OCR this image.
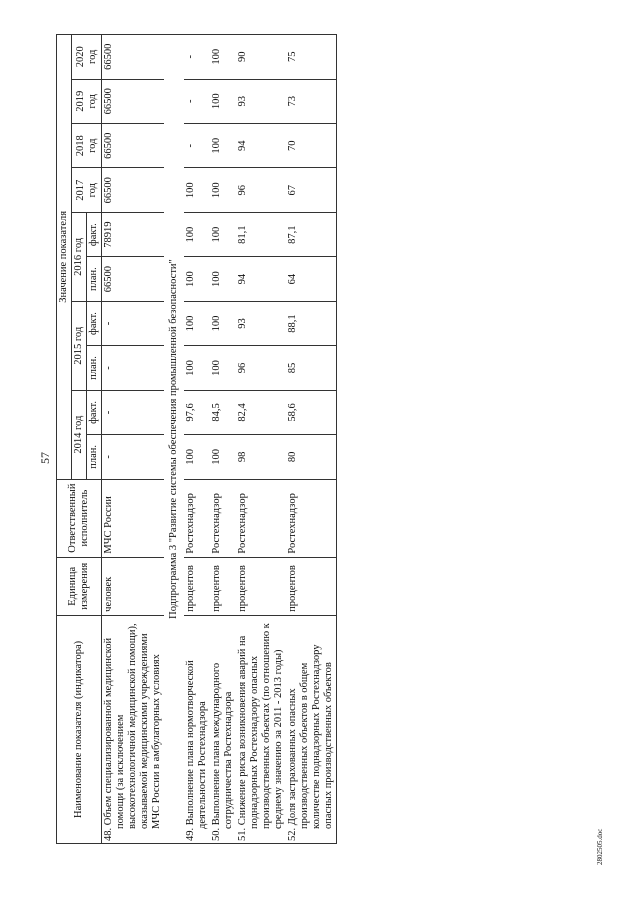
57
2802505.doc
Наименование показателя (индикатора)	Единица измерения	Ответственный исполнитель	Значение показателя									
			2014 год		2015 год		2016 год		2017 год	2018 год	2019 год	2020 год
			план.	факт.	план.	факт.	план.	факт.				
48. Объем специализированной медицинской помощи (за исключением высокотехнологичной медицинской помощи), оказываемой медицинскими учреждениями МЧС России в амбулаторных условиях	человек	МЧС России	-	-	-	-	66500	78919	66500	66500	66500	66500
Подпрограмма 3 "Развитие системы обеспечения промышленной безопасности"												
49. Выполнение плана нормотворческой деятельности Ростехнадзора	процентов	Ростехнадзор	100	97,6	100	100	100	100	100	-	-	-
50. Выполнение плана международного сотрудничества Ростехнадзора	процентов	Ростехнадзор	100	84,5	100	100	100	100	100	100	100	100
51. Снижение риска возникновения аварий на поднадзорных Ростехнадзору опасных производственных объектах (по отношению к среднему значению за 2011 - 2013 годы)	процентов	Ростехнадзор	98	82,4	96	93	94	81,1	96	94	93	90
52. Доля застрахованных опасных производственных объектов в общем количестве поднадзорных Ростехнадзору опасных производственных объектов	процентов	Ростехнадзор	80	58,6	85	88,1	64	87,1	67	70	73	75
